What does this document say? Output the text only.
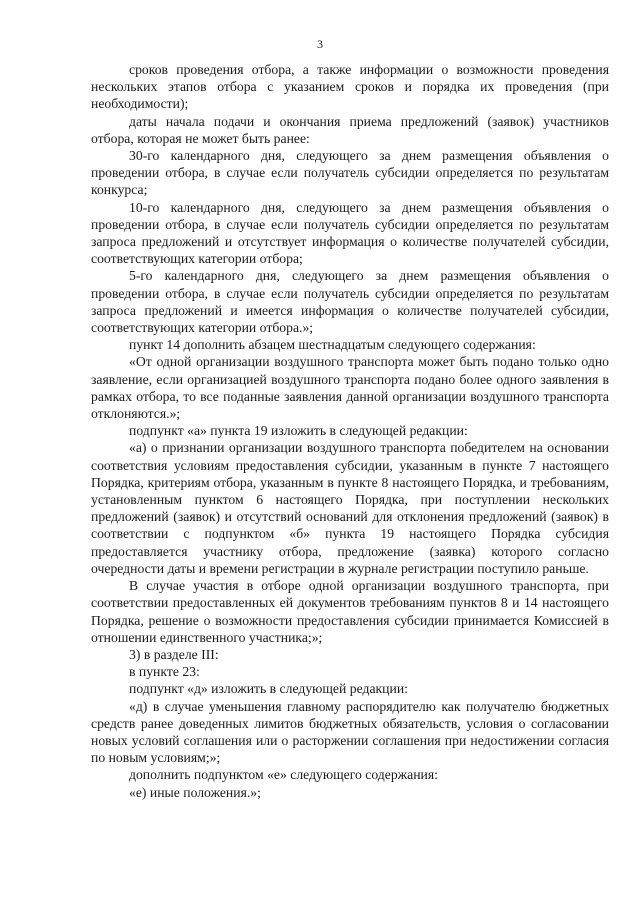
3

сроков проведения отбора, а также информации о возможности проведения нескольких этапов отбора с указанием сроков и порядка их проведения (при необходимости);

даты начала подачи и окончания приема предложений (заявок) участников отбора, которая не может быть ранее:

30-го календарного дня, следующего за днем размещения объявления о проведении отбора, в случае если получатель субсидии определяется по результатам конкурса;

10-го календарного дня, следующего за днем размещения объявления о проведении отбора, в случае если получатель субсидии определяется по результатам запроса предложений и отсутствует информация о количестве получателей субсидии, соответствующих категории отбора;

5-го календарного дня, следующего за днем размещения объявления о проведении отбора, в случае если получатель субсидии определяется по результатам запроса предложений и имеется информация о количестве получателей субсидии, соответствующих категории отбора.»;

пункт 14 дополнить абзацем шестнадцатым следующего содержания:

«От одной организации воздушного транспорта может быть подано только одно заявление, если организацией воздушного транспорта подано более одного заявления в рамках отбора, то все поданные заявления данной организации воздушного транспорта отклоняются.»;

подпункт «а» пункта 19 изложить в следующей редакции:

«а) о признании организации воздушного транспорта победителем на основании соответствия условиям предоставления субсидии, указанным в пункте 7 настоящего Порядка, критериям отбора, указанным в пункте 8 настоящего Порядка, и требованиям, установленным пунктом 6 настоящего Порядка, при поступлении нескольких предложений (заявок) и отсутствий оснований для отклонения предложений (заявок) в соответствии с подпунктом «б» пункта 19 настоящего Порядка субсидия предоставляется участнику отбора, предложение (заявка) которого согласно очередности даты и времени регистрации в журнале регистрации поступило раньше.

В случае участия в отборе одной организации воздушного транспорта, при соответствии предоставленных ей документов требованиям пунктов 8 и 14 настоящего Порядка, решение о возможности предоставления субсидии принимается Комиссией в отношении единственного участника;»;

3) в разделе III:

в пункте 23:

подпункт «д» изложить в следующей редакции:

«д) в случае уменьшения главному распорядителю как получателю бюджетных средств ранее доведенных лимитов бюджетных обязательств, условия о согласовании новых условий соглашения или о расторжении соглашения при недостижении согласия по новым условиям;»;

дополнить подпунктом «е» следующего содержания:

«е) иные положения.»;
